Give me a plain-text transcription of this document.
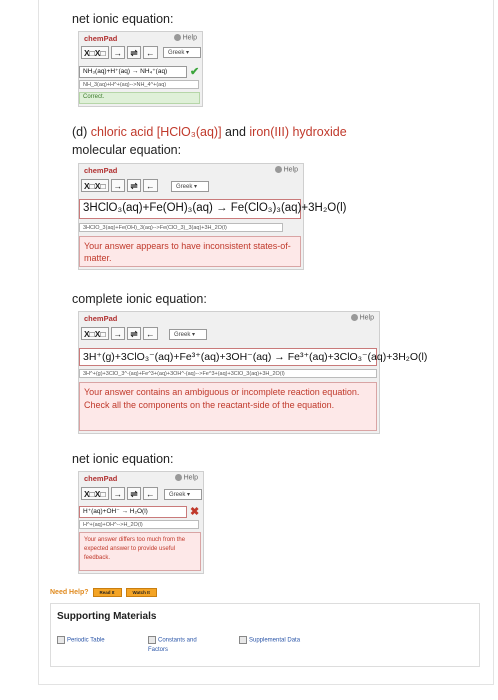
net ionic equation:
chemPad	Help
X□X□ → ⇌ ←	Greek ▾
NH₃(aq)+H⁺(aq) → NH₄⁺(aq)	✔
NH_3(aq)+H^+(aq)-->NH_4^+(aq)
Correct.
(d) chloric acid [HClO₃(aq)] and iron(III) hydroxide
molecular equation:
chemPad	Help
X□X□ → ⇌ ←	Greek ▾
3HClO₃(aq)+Fe(OH)₃(aq) → Fe(ClO₃)₃(aq)+3H₂O(l)
3HClO_3(aq)+Fe(OH)_3(aq)-->Fe(ClO_3)_3(aq)+3H_2O(l)
Your answer appears to have inconsistent states-of-matter.
complete ionic equation:
chemPad	Help
X□X□ → ⇌ ←	Greek ▾
3H⁺(g)+3ClO₃⁻(aq)+Fe³⁺(aq)+3OH⁻(aq) → Fe³⁺(aq)+3ClO₃⁻(aq)+3H₂O(l)
3H^+(g)+3ClO_3^-(aq)+Fe^3+(aq)+3OH^-(aq)-->Fe^3+(aq)+3ClO_3(aq)+3H_2O(l)
Your answer contains an ambiguous or incomplete reaction equation. Check all the components on the reactant-side of the equation.
net ionic equation:
chemPad	Help
X□X□ → ⇌ ←	Greek ▾
H⁺(aq)+OH⁻ → H₂O(l)	✖
H^+(aq)+OH^-->H_2O(l)
Your answer differs too much from the expected answer to provide useful feedback.
Need Help?	Read It	Watch It
Supporting Materials
Periodic Table	Constants and Factors
Supplemental Data
